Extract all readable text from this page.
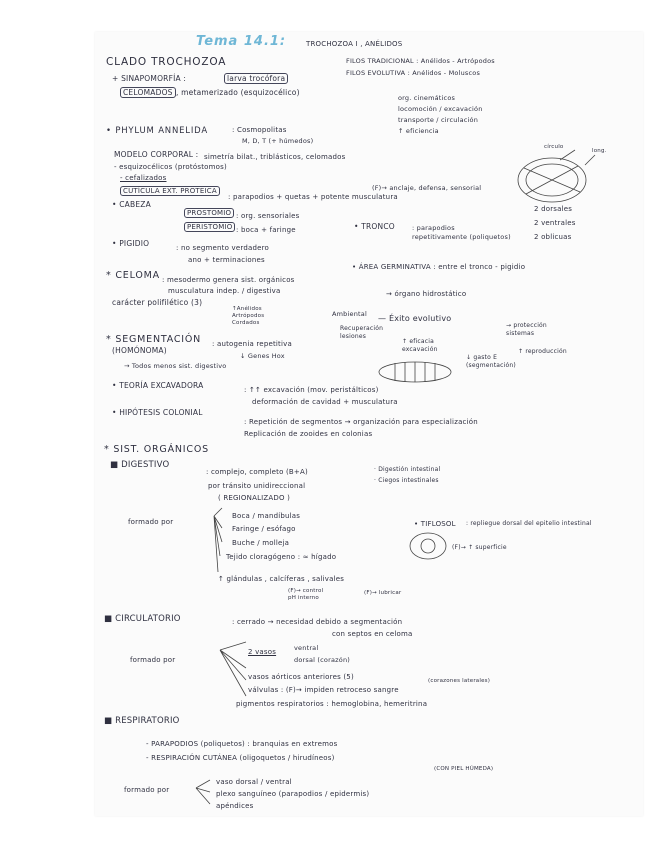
Tema 14.1:	TROCHOZOA I , ANÉLIDOS
CLADO TROCHOZOA	FILOS TRADICIONAL : Anélidos - Artrópodos
FILOS EVOLUTIVA : Anélidos - Moluscos
+ SINAPOMORFÍA :	larva trocófora
CELOMADOS , metamerizado (esquizocélico)
org. cinemáticos
locomoción / excavación
transporte / circulación
↑ eficiencia
• PHYLUM ANNELIDA	: Cosmopolitas
M, D, T (+ húmedos)
MODELO CORPORAL : simetría bilat., triblásticos, celomados
- esquizocélicos (protóstomos)
- cefalizados
CUTÍCULA EXT. PROTEICA
: parapodios + quetas + potente musculatura
(F)→ anclaje, defensa, sensorial
• CABEZA
PROSTOMIO : org. sensoriales
PERISTOMIO : boca + faringe	• TRONCO	: parapodios repetitivamente (poliquetos)
• PIGIDIO	: no segmento verdadero
ano + terminaciones
• ÁREA GERMINATIVA : entre el tronco - pigidio
círculo
long.
2 dorsales
2 ventrales
2 oblicuas
* CELOMA : mesodermo genera sist. orgánicos
musculatura indep. / digestiva	→ órgano hidrostático
carácter polifilético (3)
↑Anélidos Artrópodos Cordados
Ambiental — Éxito evolutivo
→ protección sistemas
Recuperación lesiones
↑ eficacia excavación
↓ gasto E (segmentación)
↑ reproducción
* SEGMENTACIÓN
(HOMÓNOMA)
: autogenia repetitiva
↓ Genes Hox
→ Todos menos sist. digestivo
• TEORÍA EXCAVADORA	: ↑↑ excavación (mov. peristálticos)
deformación de cavidad + musculatura
• HIPÓTESIS COLONIAL
: Repetición de segmentos → organización para especialización
Replicación de zooides en colonias
* SIST. ORGÁNICOS
■ DIGESTIVO
: complejo, completo (B+A)	· Digestión intestinal
· Ciegos intestinales
por tránsito unidireccional
( REGIONALIZADO )
formado por
Boca / mandíbulas
Faringe / esófago
Buche / molleja
Tejido cloragógeno : ≈ hígado
↑ glándulas , calcíferas , salivales
(F)→ control pH interno
(F)→ lubricar
• TIFLOSOL : repliegue dorsal del epitelio intestinal
(F)→ ↑ superficie
■ CIRCULATORIO	: cerrado → necesidad debido a segmentación
con septos en celoma
formado por
2 vasos	ventral
dorsal (corazón)
vasos aórticos anteriores (5)	(corazones laterales)
válvulas : (F)→ impiden retroceso sangre
pigmentos respiratorios : hemoglobina, hemeritrina
■ RESPIRATORIO
- PARAPODIOS (poliquetos) : branquias en extremos
- RESPIRACIÓN CUTÁNEA (oligoquetos / hirudíneos)
(CON PIEL HÚMEDA)
formado por
vaso dorsal / ventral
plexo sanguíneo (parapodios / epidermis)
apéndices
